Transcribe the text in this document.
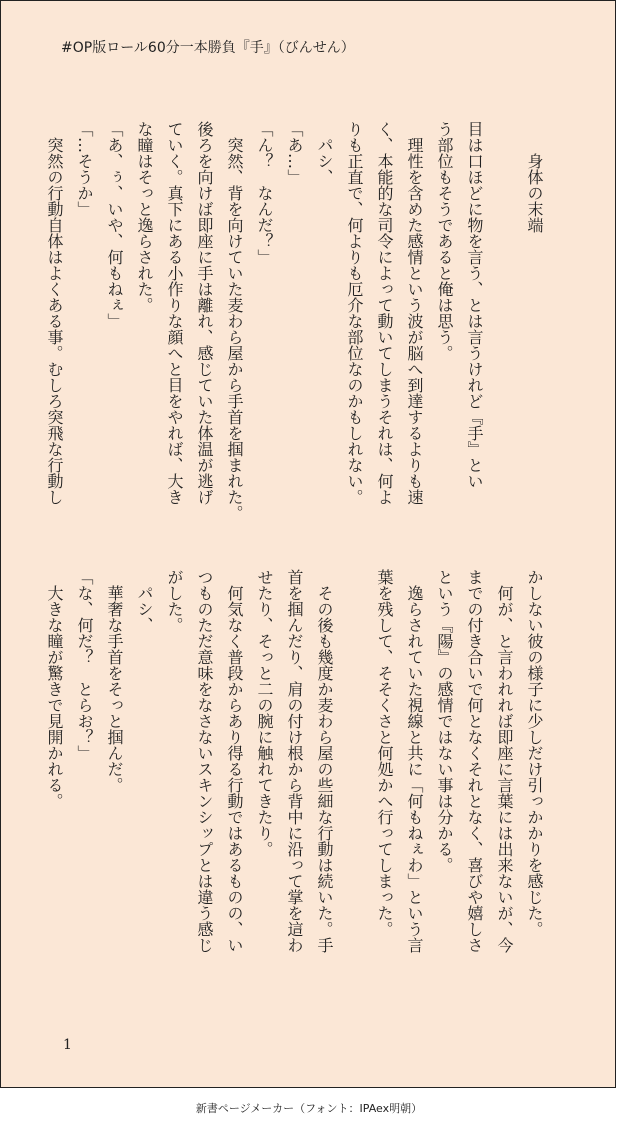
#OP版ロール60分一本勝負『手』（びんせん）
身体の末端

目は口ほどに物を言う、とは言うけれど『手』とい
う部位もそうであると俺は思う。
　理性を含めた感情という波が脳へ到達するよりも速
く、本能的な司令によって動いてしまうそれは、何よ
りも正直で、何よりも厄介な部位なのかもしれない。
　パシ、
「あ…」
「ん？　なんだ？」
　突然、背を向けていた麦わら屋から手首を掴まれた。
後ろを向けば即座に手は離れ、感じていた体温が逃げ
ていく。真下にある小作りな顔へと目をやれば、大き
な瞳はそっと逸らされた。
「あ、ぅ、いや、何もねぇ」
「…そうか」
　突然の行動自体はよくある事。むしろ突飛な行動し
かしない彼の様子に少しだけ引っかかりを感じた。
　何が、と言われれば即座に言葉には出来ないが、今
までの付き合いで何となくそれとなく、喜びや嬉しさ
という『陽』の感情ではない事は分かる。
　逸らされていた視線と共に「何もねぇわ」という言
葉を残して、そそくさと何処かへ行ってしまった。

　その後も幾度か麦わら屋の些細な行動は続いた。手
首を掴んだり、肩の付け根から背中に沿って掌を這わ
せたり、そっと二の腕に触れてきたり。
　何気なく普段からあり得る行動ではあるものの、い
つものただ意味をなさないスキンシップとは違う感じ
がした。
　パシ、
　華奢な手首をそっと掴んだ。
「な、何だ？　とらお？」
　大きな瞳が驚きで見開かれる。
1
新書ページメーカー（フォント：IPAex明朝）
